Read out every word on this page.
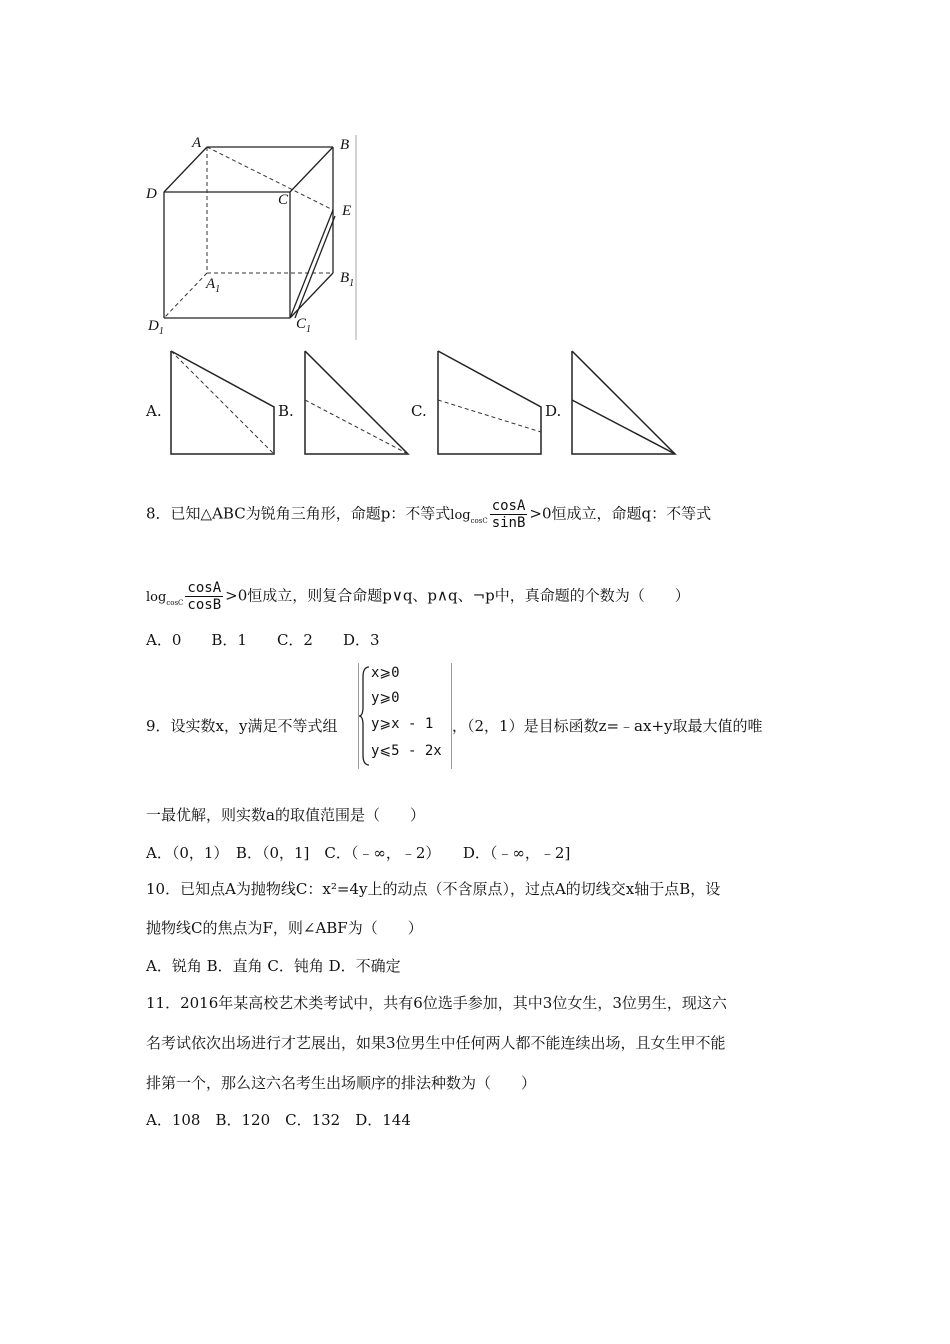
A	B
D	C
E
$A_1$
$B_1$
$C_1$
$D_1$
A.	B.	C.	D.
8．已知△ABC为锐角三角形，命题p：不等式$\log_{cosC} \frac{\cos A}{\sin B} >0$恒成立，命题q：不等式
$\log_{cosC} \frac{\cos A}{\cos B} >0$恒成立，则复合命题p∨q、p∧q、¬p中，真命题的个数为（　　）
A．0　　B．1　　C．2　　D．3
9．设实数x，y满足不等式组
x⩾0
y⩾0
y⩾x - 1
y⩽5 - 2x
，（2，1）是目标函数z=﹣ax+y取最大值的唯
一最优解，则实数a的取值范围是（　　）
A．（0，1）　B．（0，1]　C．（﹣∞，﹣2）　　D．（﹣∞，﹣2]
10．已知点A为抛物线C：x²=4y上的动点（不含原点），过点A的切线交x轴于点B，设
抛物线C的焦点为F，则∠ABF为（　　）
A．锐角 B．直角 C．钝角 D．不确定
11．2016年某高校艺术类考试中，共有6位选手参加，其中3位女生，3位男生，现这六
名考试依次出场进行才艺展出，如果3位男生中任何两人都不能连续出场，且女生甲不能
排第一个，那么这六名考生出场顺序的排法种数为（　　）
A．108　B．120　C．132　D．144
